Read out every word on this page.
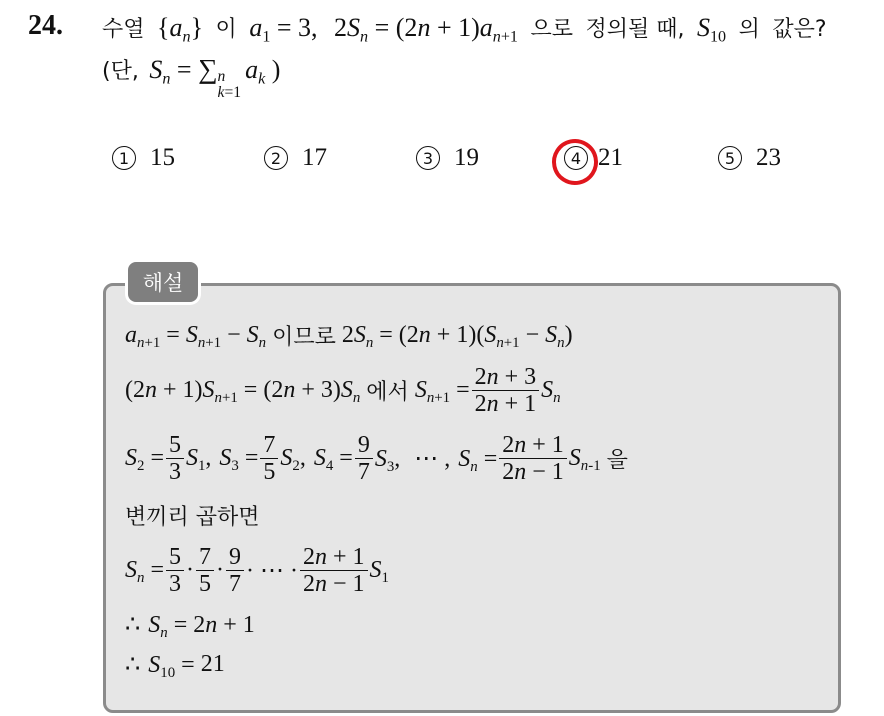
24. 수열 $\{a_n\}$ 이 $a_1 = 3$, $2S_n = (2n + 1)a_{n+1}$ 으로 정의될 때, $S_{10}$ 의 값은?
(단, $S_n$ = ∑ n
k=1
$a_k$ )
1 15	2 17	3 19	4 21	5 23
해설
$a_{n+1} = S_{n+1} - S_n$ 이므로 $2S_n = (2n + 1)(S_{n+1} - S_n)$
$(2n + 1)S_{n+1} = (2n + 3)S_n$ 에서 $S_{n+1} = \frac{2n + 3}{2n + 1} S_n$
$S_2 = \frac{5}{3} S_1$, $S_3 = \frac{7}{5} S_2$, $S_4 = \frac{9}{7} S_3$, ⋯ , $S_n = \frac{2n + 1}{2n - 1} S_{n-1}$ 을
변끼리 곱하면
$S_n = \frac{5}{3} \cdot \frac{7}{5} \cdot \frac{9}{7}$ · ⋯ · $\frac{2n + 1}{2n - 1} S_1$
∴ $S_n = 2n + 1$
∴ $S_{10} = 21$
